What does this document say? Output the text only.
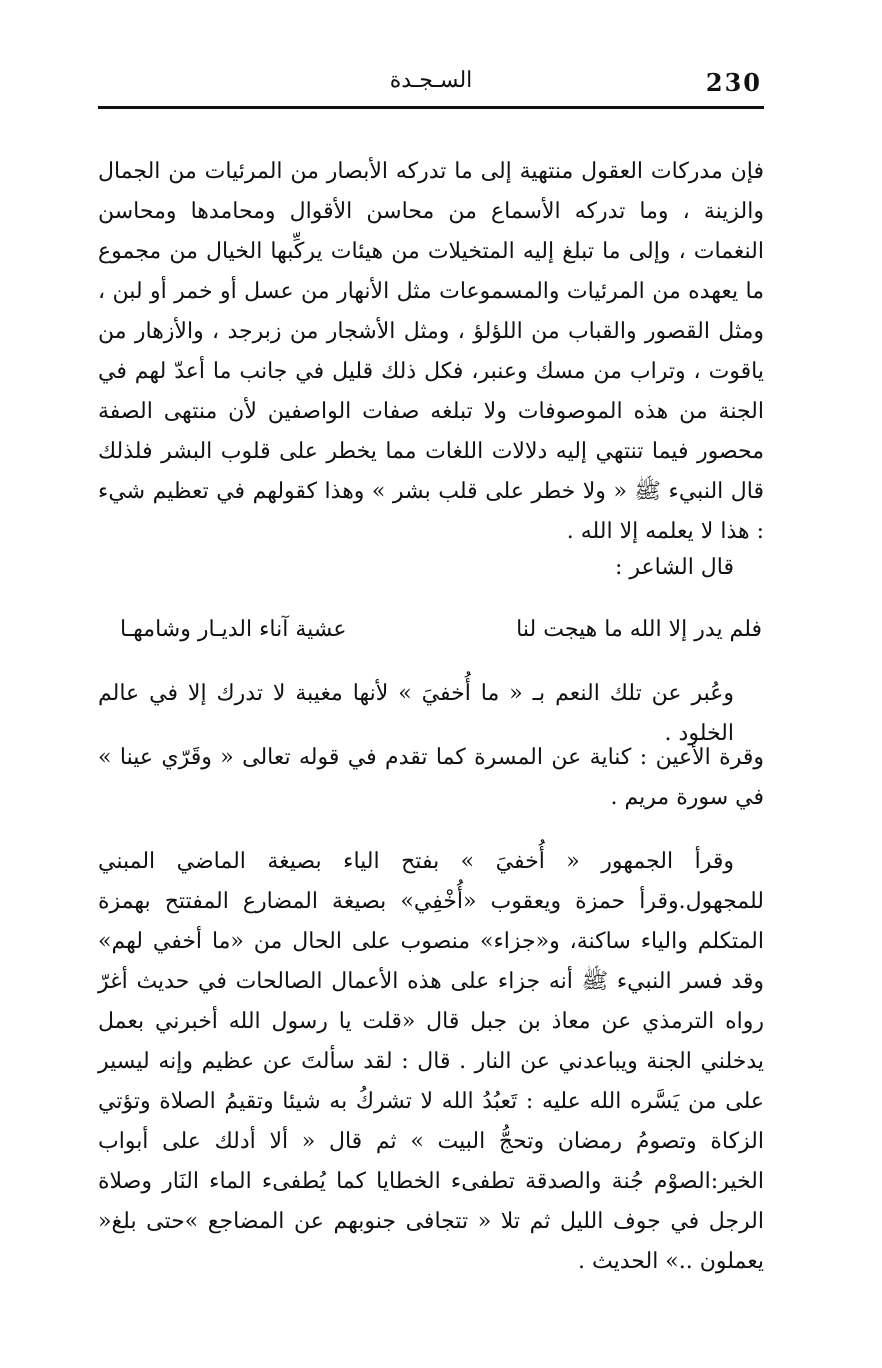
230
السـجـدة
فإن مدركات العقول منتهية إلى ما تدركه الأبصار من المرئيات من الجمال والزينة ، وما تدركه الأسماع من محاسن الأقوال ومحامدها ومحاسن النغمات ، وإلى ما تبلغ إليه المتخيلات من هيئات يركِّبها الخيال من مجموع ما يعهده من المرئيات والمسموعات مثل الأنهار من عسل أو خمر أو لبن ، ومثل القصور والقباب من اللؤلؤ ، ومثل الأشجار من زبرجد ، والأزهار من ياقوت ، وتراب من مسك وعنبر، فكل ذلك قليل في جانب ما أعدّ لهم في الجنة من هذه الموصوفات ولا تبلغه صفات الواصفين لأن منتهى الصفة محصور فيما تنتهي إليه دلالات اللغات مما يخطر على قلوب البشر فلذلك قال النبيء ﷺ « ولا خطر على قلب بشر » وهذا كقولهم في تعظيم شيء : هذا لا يعلمه إلا الله .
قال الشاعر :
فلم يدر إلا الله ما هيجت لنا
عشية آناء الديـار وشامهـا
وعُبر عن تلك النعم بـ « ما أُخفيَ » لأنها مغيبة لا تدرك إلا في عالم الخلود .
وقرة الأعين : كناية عن المسرة كما تقدم في قوله تعالى « وقَرّي عينا » في سورة مريم .
وقرأ الجمهور « أُخفيَ » بفتح الياء بصيغة الماضي المبني للمجهول.وقرأ حمزة ويعقوب «أُخْفِي» بصيغة المضارع المفتتح بهمزة المتكلم والياء ساكنة، و«جزاء» منصوب على الحال من «ما أخفي لهم» وقد فسر النبيء ﷺ أنه جزاء على هذه الأعمال الصالحات في حديث أغرّ رواه الترمذي عن معاذ بن جبل قال «قلت يا رسول الله أخبرني بعمل يدخلني الجنة ويباعدني عن النار . قال : لقد سألتَ عن عظيم وإنه ليسير على من يَسَّره الله عليه : تَعبُدُ الله لا تشركُ به شيئا وتقيمُ الصلاة وتؤتي الزكاة وتصومُ رمضان وتحجُّ البيت » ثم قال « ألا أدلك على أبواب الخير:الصوْم جُنة والصدقة تطفىء الخطايا كما يُطفىء الماء النَار وصلاة الرجل في جوف الليل ثم تلا « تتجافى جنوبهم عن المضاجع »حتى بلغ« يعملون ..» الحديث .
